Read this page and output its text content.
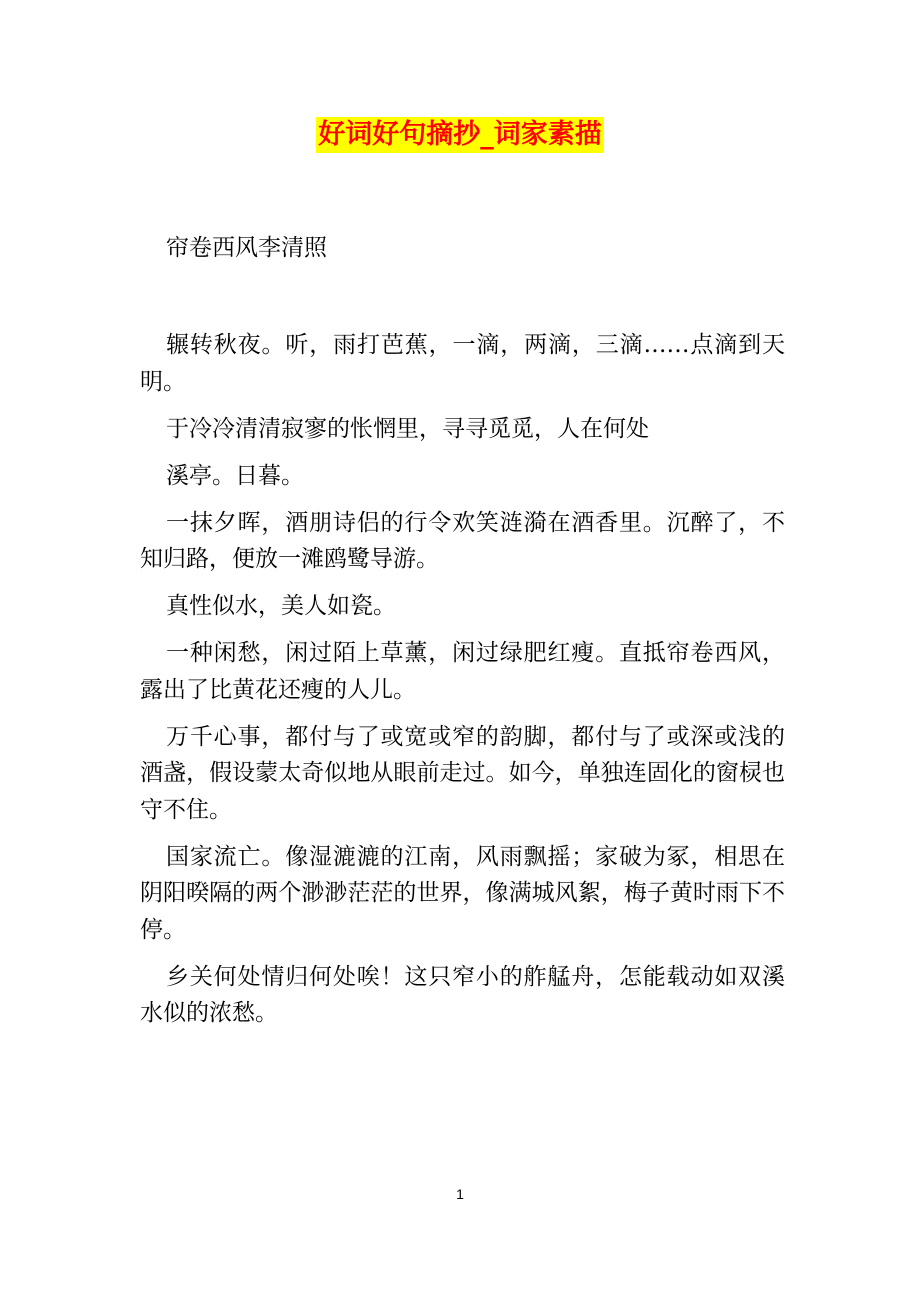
好词好句摘抄_词家素描
帘卷西风李清照

辗转秋夜。听，雨打芭蕉，一滴，两滴，三滴……点滴到天明。

于冷冷清清寂寥的怅惘里，寻寻觅觅，人在何处

溪亭。日暮。

一抹夕晖，酒朋诗侣的行令欢笑涟漪在酒香里。沉醉了，不知归路，便放一滩鸥鹭导游。

真性似水，美人如瓷。

一种闲愁，闲过陌上草薰，闲过绿肥红瘦。直抵帘卷西风，露出了比黄花还瘦的人儿。

万千心事，都付与了或宽或窄的韵脚，都付与了或深或浅的酒盏，假设蒙太奇似地从眼前走过。如今，单独连固化的窗棂也守不住。

国家流亡。像湿漉漉的江南，风雨飘摇；家破为冢，相思在阴阳暌隔的两个渺渺茫茫的世界，像满城风絮，梅子黄时雨下不停。

乡关何处情归何处唉！这只窄小的舴艋舟，怎能载动如双溪水似的浓愁。

1
